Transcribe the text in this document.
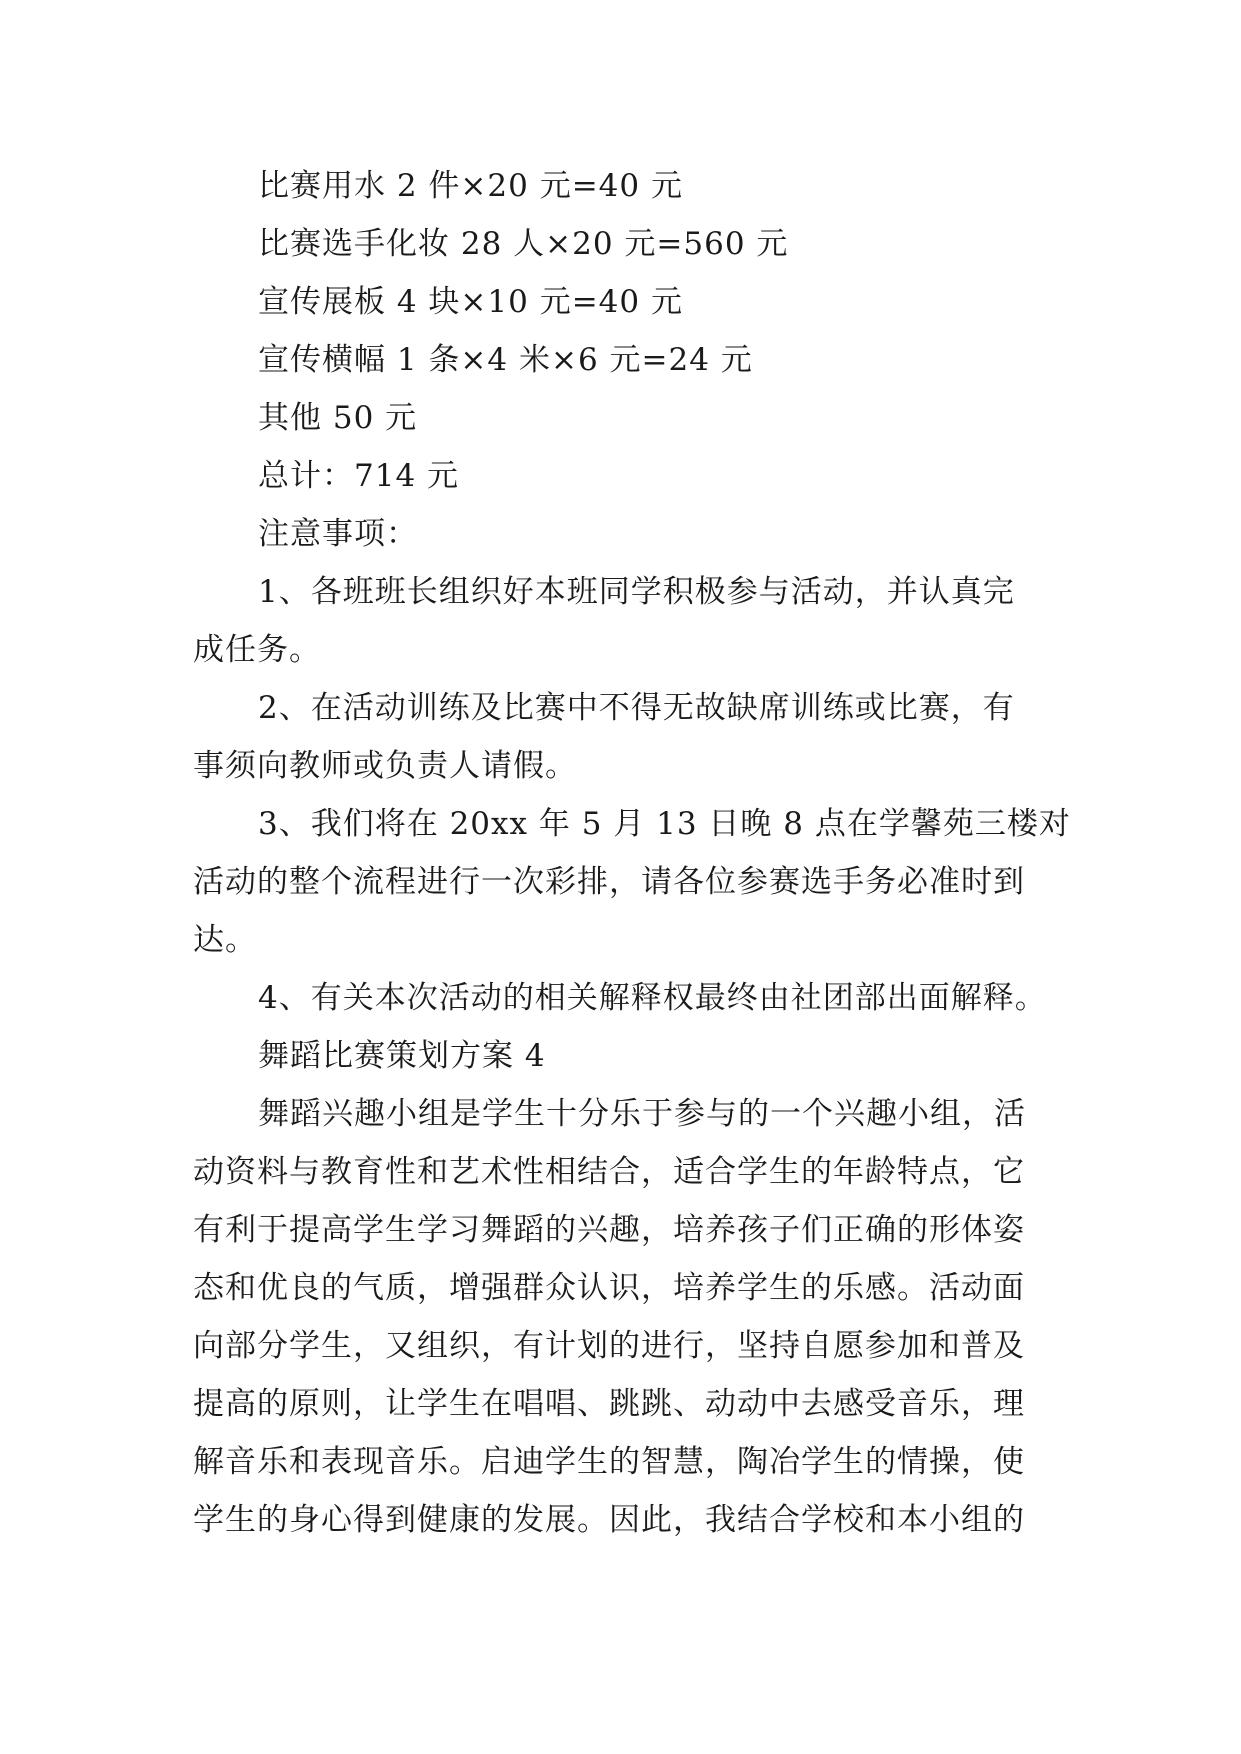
比赛用水 2 件×20 元=40 元
比赛选手化妆 28 人×20 元=560 元
宣传展板 4 块×10 元=40 元
宣传横幅 1 条×4 米×6 元=24 元
其他 50 元
总计：714 元
注意事项：
1、各班班长组织好本班同学积极参与活动，并认真完
成任务。
2、在活动训练及比赛中不得无故缺席训练或比赛，有
事须向教师或负责人请假。
3、我们将在 20xx 年 5 月 13 日晚 8 点在学馨苑三楼对
活动的整个流程进行一次彩排，请各位参赛选手务必准时到
达。
4、有关本次活动的相关解释权最终由社团部出面解释。
舞蹈比赛策划方案 4
舞蹈兴趣小组是学生十分乐于参与的一个兴趣小组，活
动资料与教育性和艺术性相结合，适合学生的年龄特点，它
有利于提高学生学习舞蹈的兴趣，培养孩子们正确的形体姿
态和优良的气质，增强群众认识，培养学生的乐感。活动面
向部分学生，又组织，有计划的进行，坚持自愿参加和普及
提高的原则，让学生在唱唱、跳跳、动动中去感受音乐，理
解音乐和表现音乐。启迪学生的智慧，陶冶学生的情操，使
学生的身心得到健康的发展。因此，我结合学校和本小组的
